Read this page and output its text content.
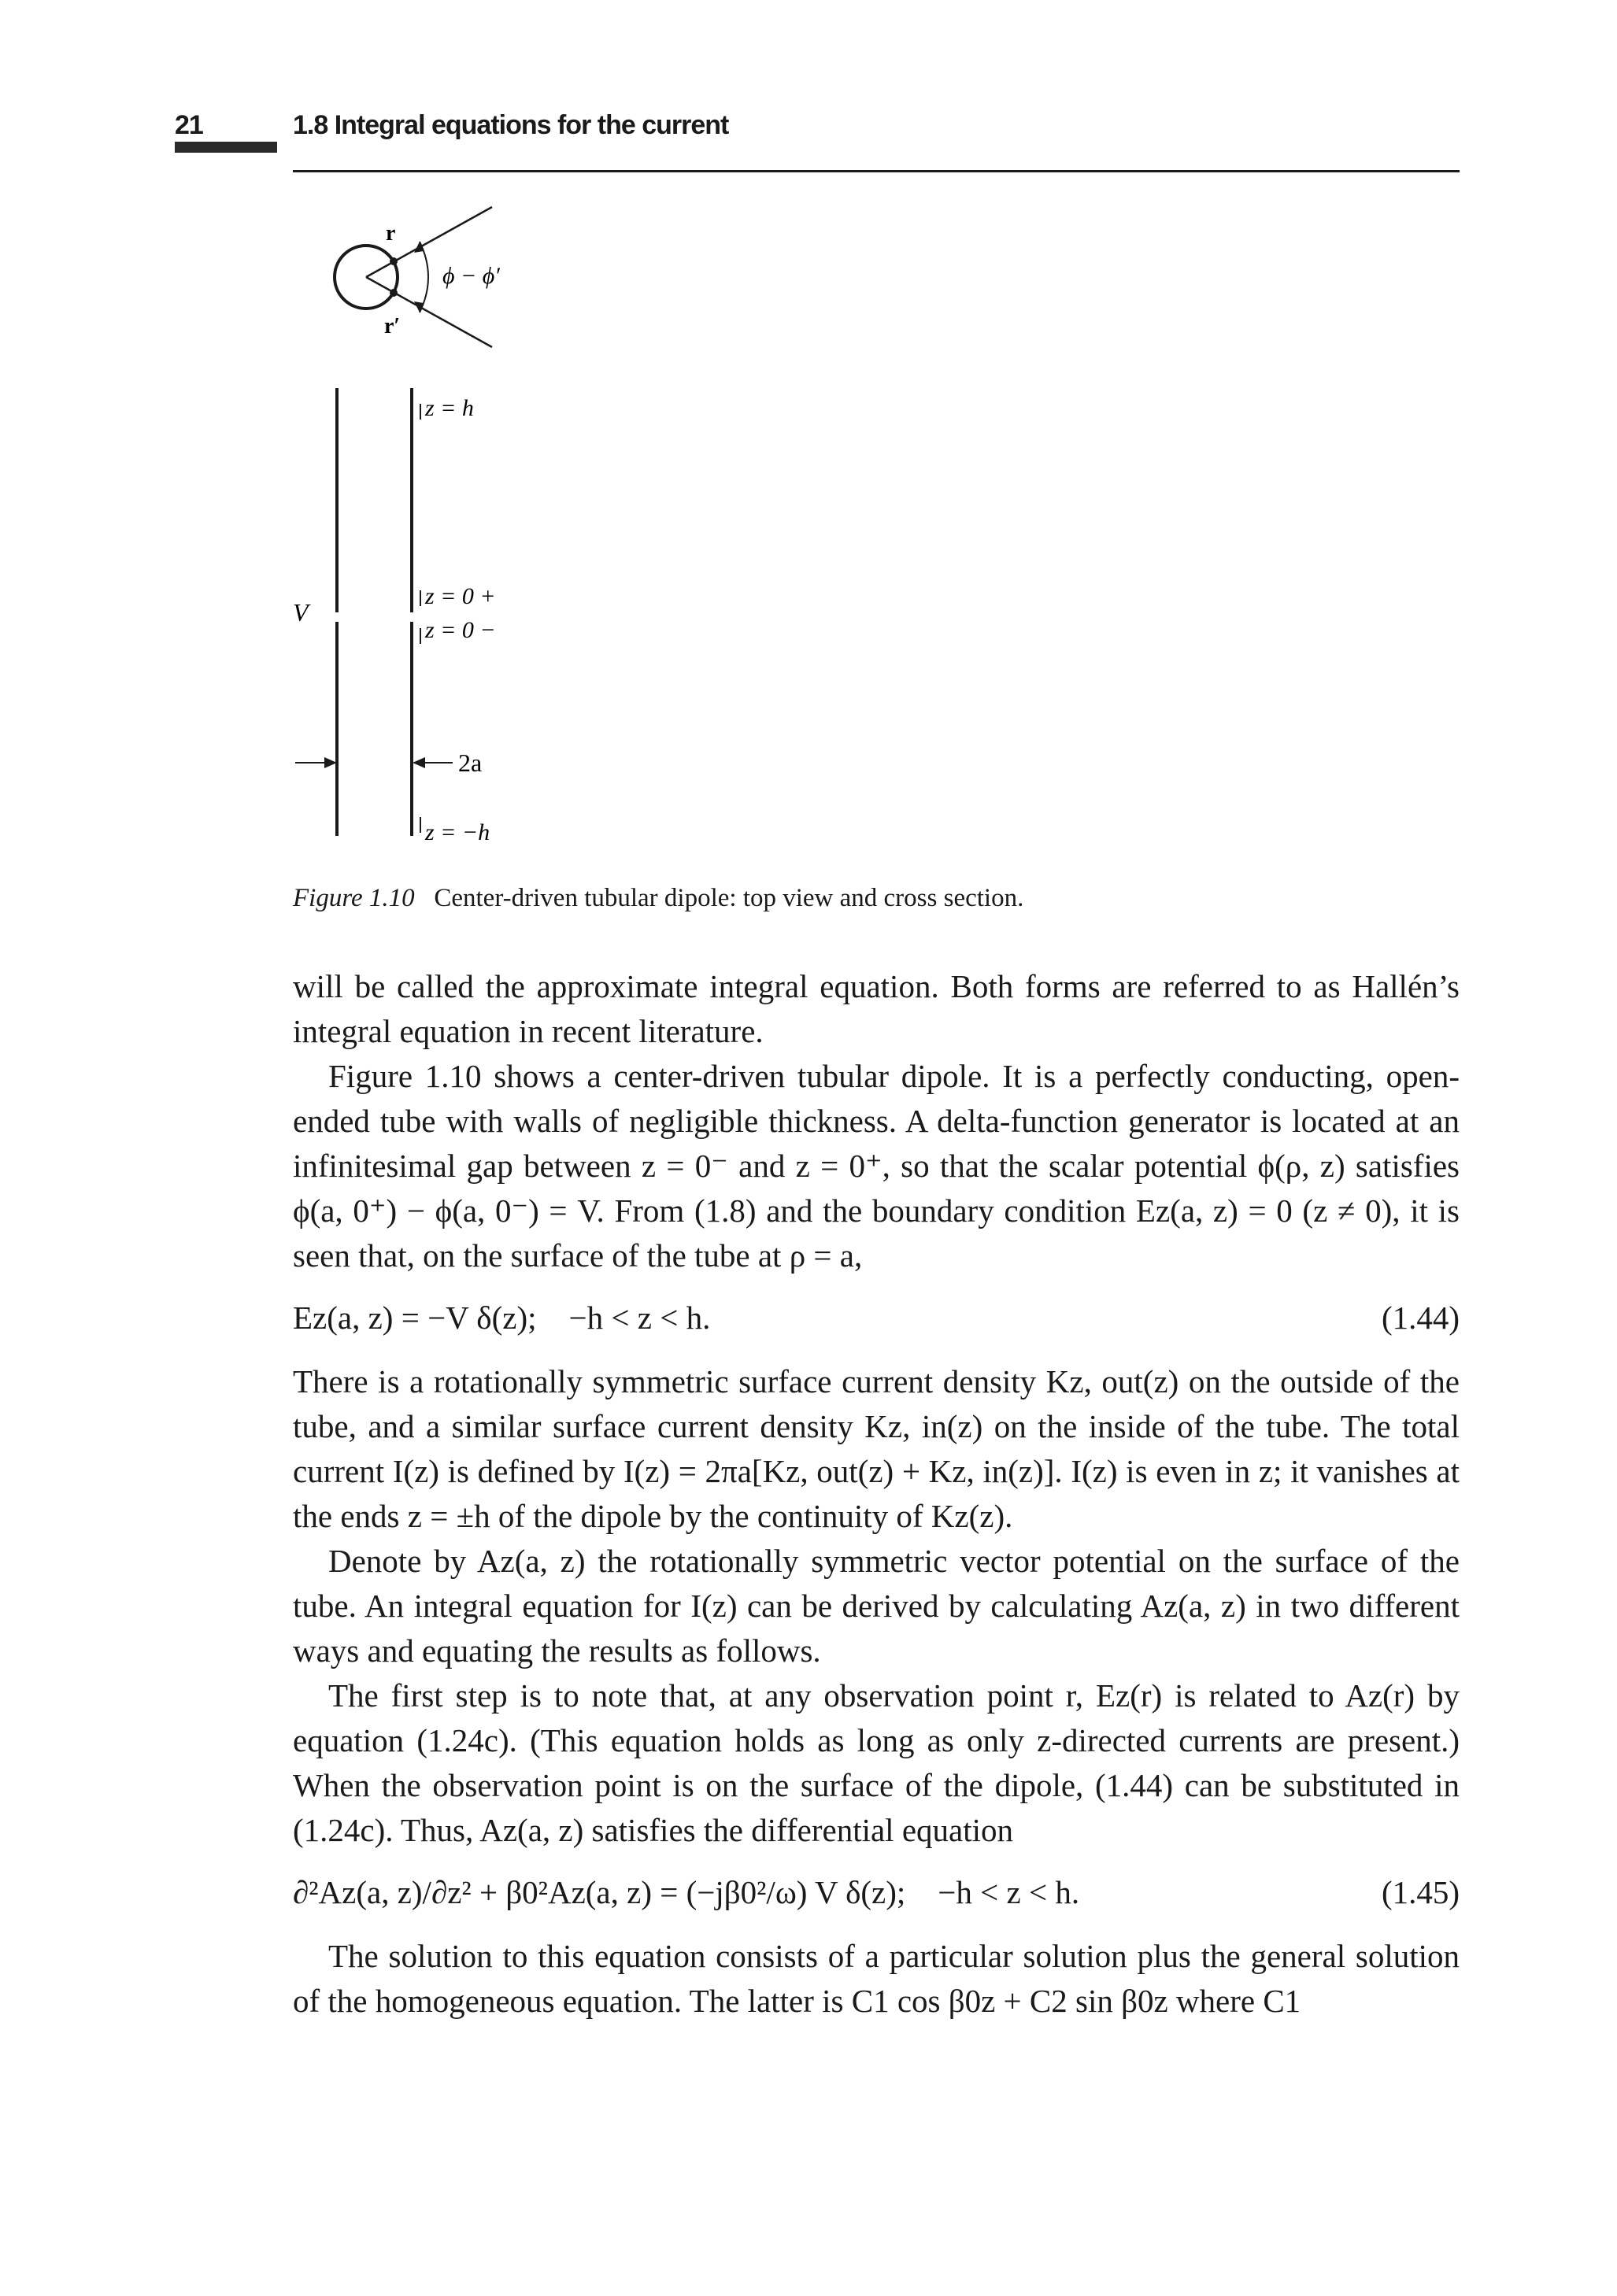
21	1.8 Integral equations for the current
r
r′
ϕ − ϕ′
z = h
z = 0 +
z = 0 −
V
2a
z = −h
Figure 1.10 Center-driven tubular dipole: top view and cross section.

will be called the approximate integral equation. Both forms are referred to as Hallén’s integral equation in recent literature.

Figure 1.10 shows a center-driven tubular dipole. It is a perfectly conducting, open-ended tube with walls of negligible thickness. A delta-function generator is located at an infinitesimal gap between z = 0⁻ and z = 0⁺, so that the scalar potential ϕ(ρ, z) satisfies ϕ(a, 0⁺) − ϕ(a, 0⁻) = V. From (1.8) and the boundary condition Ez(a, z) = 0 (z ≠ 0), it is seen that, on the surface of the tube at ρ = a,

Ez(a, z) = −V δ(z);    −h < z < h.	(1.44)

There is a rotationally symmetric surface current density Kz, out(z) on the outside of the tube, and a similar surface current density Kz, in(z) on the inside of the tube. The total current I(z) is defined by I(z) = 2πa[Kz, out(z) + Kz, in(z)]. I(z) is even in z; it vanishes at the ends z = ±h of the dipole by the continuity of Kz(z).

Denote by Az(a, z) the rotationally symmetric vector potential on the surface of the tube. An integral equation for I(z) can be derived by calculating Az(a, z) in two different ways and equating the results as follows.

The first step is to note that, at any observation point r, Ez(r) is related to Az(r) by equation (1.24c). (This equation holds as long as only z-directed currents are present.) When the observation point is on the surface of the dipole, (1.44) can be substituted in (1.24c). Thus, Az(a, z) satisfies the differential equation

∂²Az(a, z)/∂z² + β0²Az(a, z) = (−jβ0²/ω) V δ(z);    −h < z < h.	(1.45)

The solution to this equation consists of a particular solution plus the general solution of the homogeneous equation. The latter is C1 cos β0z + C2 sin β0z where C1
